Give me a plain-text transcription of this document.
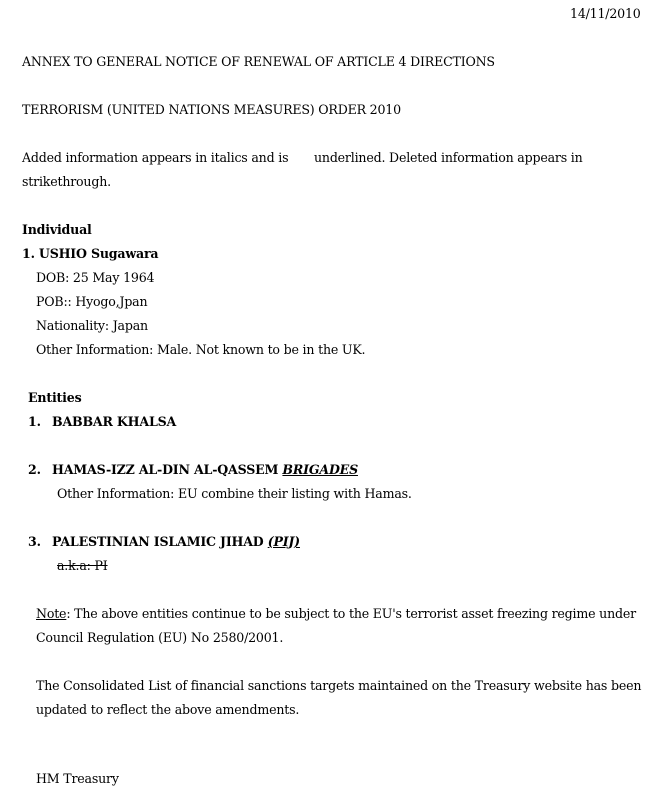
14/11/2010
ANNEX TO GENERAL NOTICE OF RENEWAL OF ARTICLE 4 DIRECTIONS
TERRORISM (UNITED NATIONS MEASURES) ORDER 2010
Added information appears in italics and is underlined. Deleted information appears in
strikethrough.
Individual
1. USHIO Sugawara
DOB: 25 May 1964
POB:: Hyogo,Jpan
Nationality: Japan
Other Information: Male. Not known to be in the UK.
Entities
1. BABBAR KHALSA
2. HAMAS-IZZ AL-DIN AL-QASSEM BRIGADES
Other Information: EU combine their listing with Hamas.
3. PALESTINIAN ISLAMIC JIHAD (PIJ)
a.k.a: PI
Note: The above entities continue to be subject to the EU's terrorist asset freezing regime under
Council Regulation (EU) No 2580/2001.
The Consolidated List of financial sanctions targets maintained on the Treasury website has been
updated to reflect the above amendments.
HM Treasury
